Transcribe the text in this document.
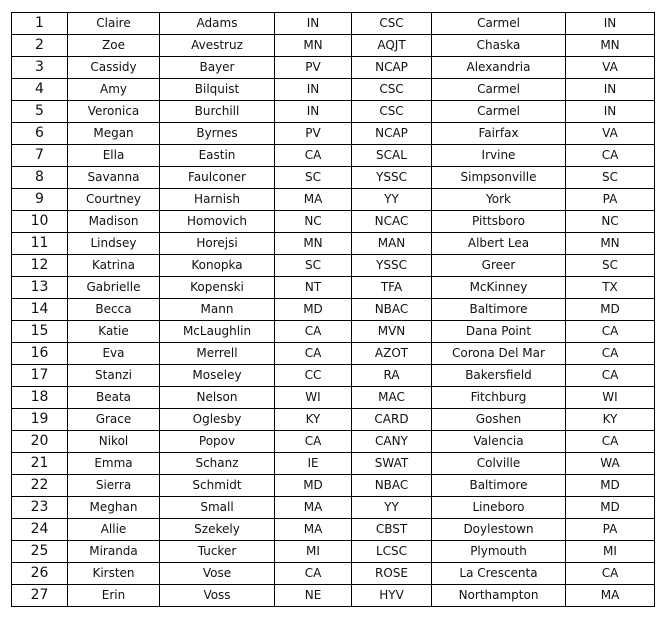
1	Claire	Adams	IN	CSC	Carmel	IN
2	Zoe	Avestruz	MN	AQJT	Chaska	MN
3	Cassidy	Bayer	PV	NCAP	Alexandria	VA
4	Amy	Bilquist	IN	CSC	Carmel	IN
5	Veronica	Burchill	IN	CSC	Carmel	IN
6	Megan	Byrnes	PV	NCAP	Fairfax	VA
7	Ella	Eastin	CA	SCAL	Irvine	CA
8	Savanna	Faulconer	SC	YSSC	Simpsonville	SC
9	Courtney	Harnish	MA	YY	York	PA
10	Madison	Homovich	NC	NCAC	Pittsboro	NC
11	Lindsey	Horejsi	MN	MAN	Albert Lea	MN
12	Katrina	Konopka	SC	YSSC	Greer	SC
13	Gabrielle	Kopenski	NT	TFA	McKinney	TX
14	Becca	Mann	MD	NBAC	Baltimore	MD
15	Katie	McLaughlin	CA	MVN	Dana Point	CA
16	Eva	Merrell	CA	AZOT	Corona Del Mar	CA
17	Stanzi	Moseley	CC	RA	Bakersfield	CA
18	Beata	Nelson	WI	MAC	Fitchburg	WI
19	Grace	Oglesby	KY	CARD	Goshen	KY
20	Nikol	Popov	CA	CANY	Valencia	CA
21	Emma	Schanz	IE	SWAT	Colville	WA
22	Sierra	Schmidt	MD	NBAC	Baltimore	MD
23	Meghan	Small	MA	YY	Lineboro	MD
24	Allie	Szekely	MA	CBST	Doylestown	PA
25	Miranda	Tucker	MI	LCSC	Plymouth	MI
26	Kirsten	Vose	CA	ROSE	La Crescenta	CA
27	Erin	Voss	NE	HYV	Northampton	MA
